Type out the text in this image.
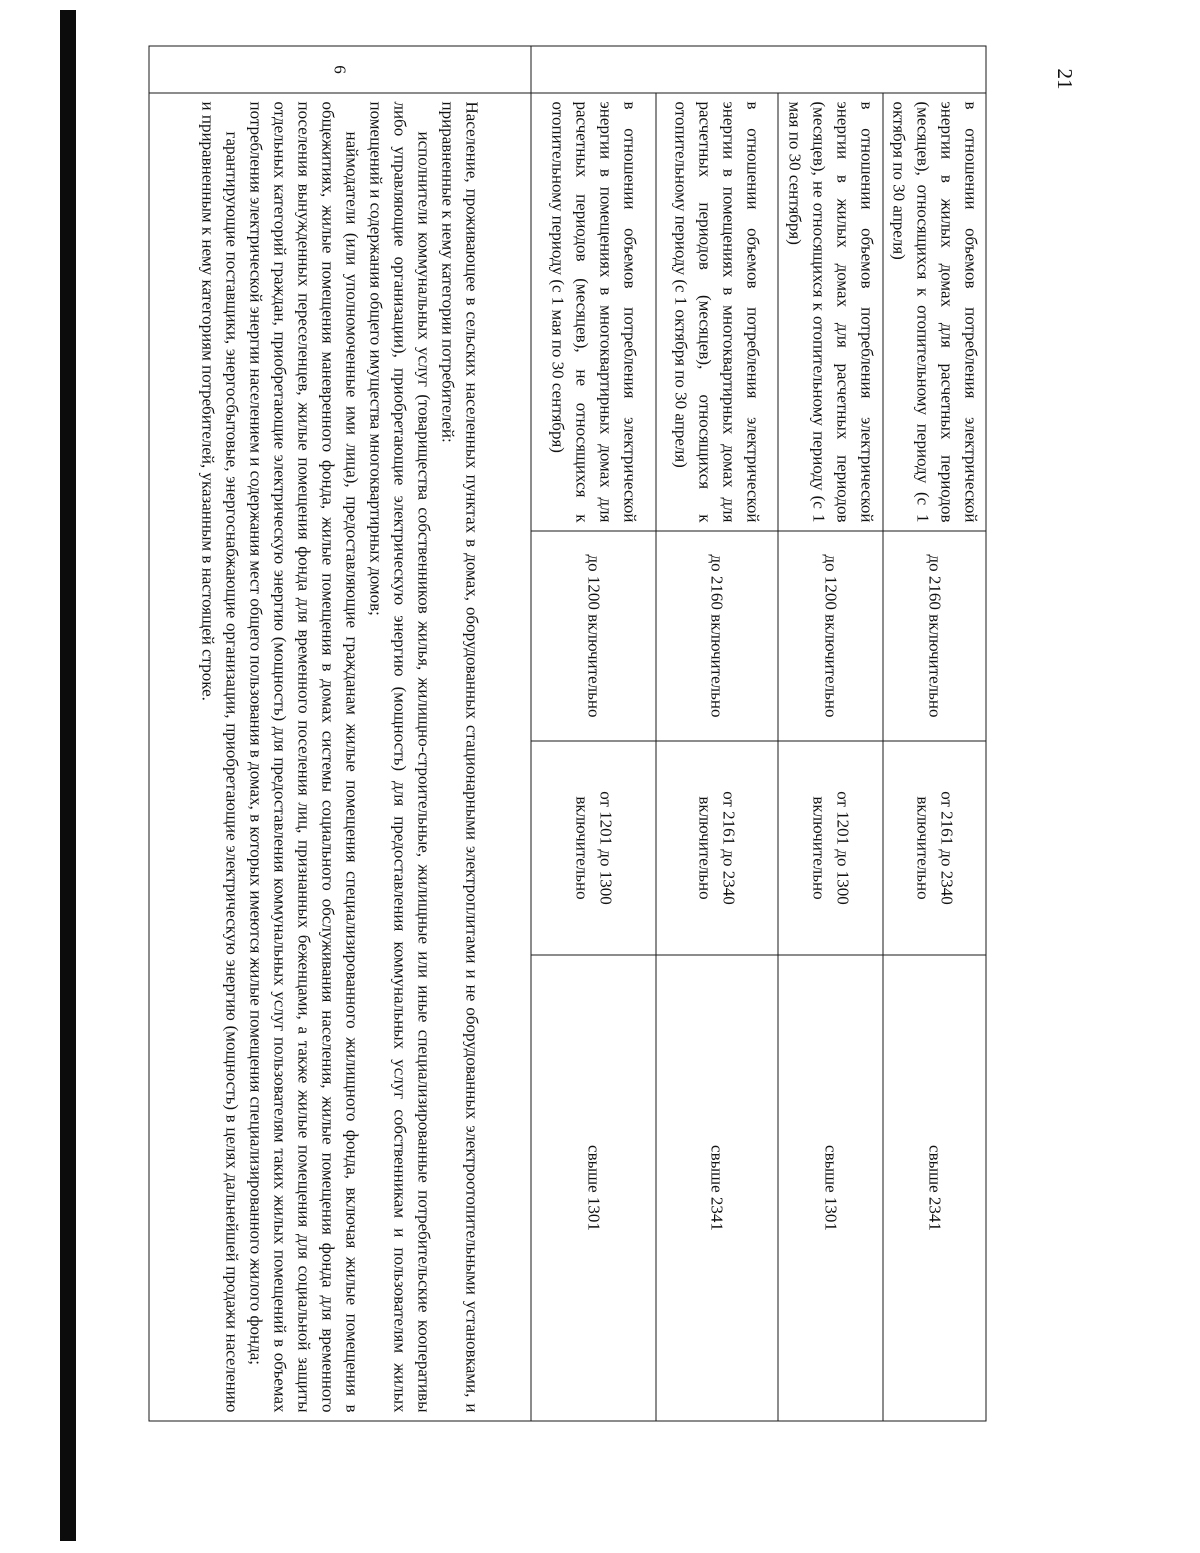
21
	в отношении объемов потребления электрической энергии в жилых домах для расчетных периодов (месяцев), относящихся к отопительному периоду (с 1 октября по 30 апреля)	до 2160 включительно	от 2161 до 2340 включительно	свыше 2341
	в отношении объемов потребления электрической энергии в жилых домах для расчетных периодов (месяцев), не относящихся к отопительному периоду (с 1 мая по 30 сентября)	до 1200 включительно	от 1201 до 1300 включительно	свыше 1301
	в отношении объемов потребления электрической энергии в помещениях в многоквартирных домах для расчетных периодов (месяцев), относящихся к отопительному периоду (с 1 октября по 30 апреля)	до 2160 включительно	от 2161 до 2340 включительно	свыше 2341
	в отношении объемов потребления электрической энергии в помещениях в многоквартирных домах для расчетных периодов (месяцев), не относящихся к отопительному периоду (с 1 мая по 30 сентября)	до 1200 включительно	от 1201 до 1300 включительно	свыше 1301
6	Население, проживающее в сельских населенных пунктах в домах, оборудованных стационарными электроплитами и не оборудованных электроотопительными установками, и приравненные к нему категории потребителей:

исполнители коммунальных услуг (товарищества собственников жилья, жилищно-строительные, жилищные или иные специализированные потребительские кооперативы либо управляющие организации), приобретающие электрическую энергию (мощность) для предоставления коммунальных услуг собственникам и пользователям жилых помещений и содержания общего имущества многоквартирных домов;

наймодатели (или уполномоченные ими лица), предоставляющие гражданам жилые помещения специализированного жилищного фонда, включая жилые помещения в общежитиях, жилые помещения маневренного фонда, жилые помещения в домах системы социального обслуживания населения, жилые помещения фонда для временного поселения вынужденных переселенцев, жилые помещения фонда для временного поселения лиц, признанных беженцами, а также жилые помещения для социальной защиты отдельных категорий граждан, приобретающие электрическую энергию (мощность) для предоставления коммунальных услуг пользователям таких жилых помещений в объемах потребления электрической энергии населением и содержания мест общего пользования в домах, в которых имеются жилые помещения специализированного жилого фонда;

гарантирующие поставщики, энергосбытовые, энергоснабжающие организации, приобретающие электрическую энергию (мощность) в целях дальнейшей продажи населению и приравненным к нему категориям потребителей, указанным в настоящей строке.			
